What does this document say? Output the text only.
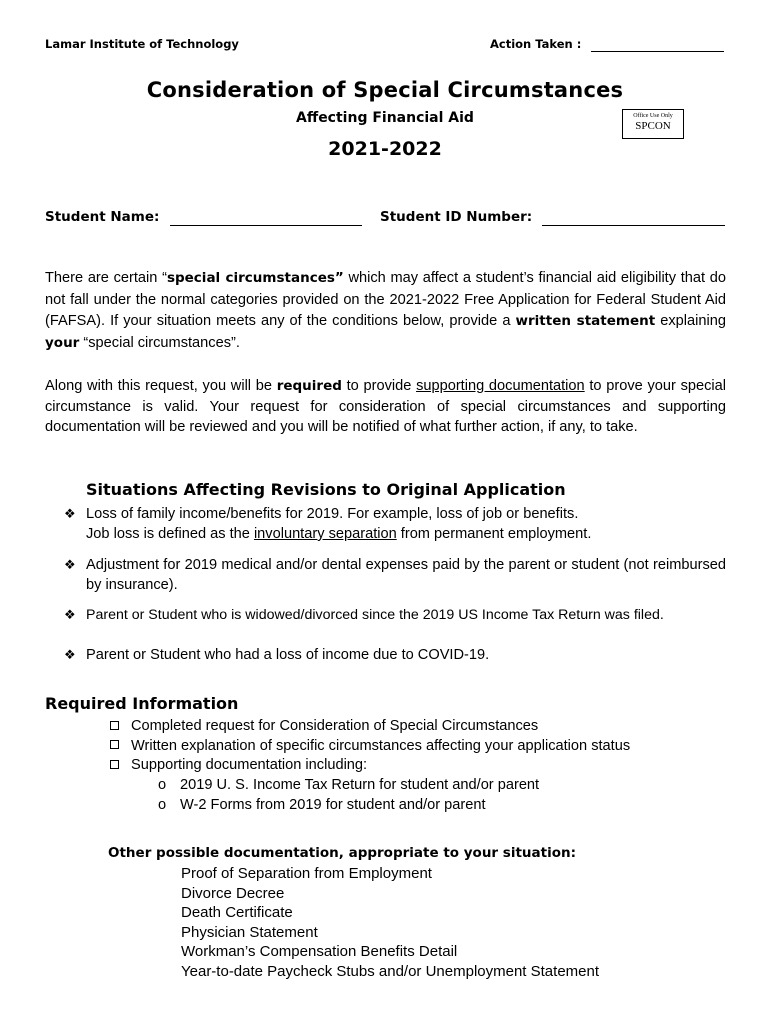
Lamar Institute of Technology	Action Taken :
Consideration of Special Circumstances
Affecting Financial Aid
2021-2022
Office Use Only
SPCON
Student Name:	Student ID Number:
There are certain “special circumstances” which may affect a student’s financial aid eligibility that do not fall under the normal categories provided on the 2021-2022 Free Application for Federal Student Aid (FAFSA). If your situation meets any of the conditions below, provide a written statement explaining your “special circumstances”.
Along with this request, you will be required to provide supporting documentation to prove your special circumstance is valid. Your request for consideration of special circumstances and supporting documentation will be reviewed and you will be notified of what further action, if any, to take.
Situations Affecting Revisions to Original Application
❖ Loss of family income/benefits for 2019. For example, loss of job or benefits.
Job loss is defined as the involuntary separation from permanent employment.
❖ Adjustment for 2019 medical and/or dental expenses paid by the parent or student (not reimbursed by insurance).
❖ Parent or Student who is widowed/divorced since the 2019 US Income Tax Return was filed.
❖ Parent or Student who had a loss of income due to COVID-19.
Required Information
Completed request for Consideration of Special Circumstances
Written explanation of specific circumstances affecting your application status
Supporting documentation including:
o 2019 U. S. Income Tax Return for student and/or parent
o W-2 Forms from 2019 for student and/or parent
Other possible documentation, appropriate to your situation:
Proof of Separation from Employment
Divorce Decree
Death Certificate
Physician Statement
Workman’s Compensation Benefits Detail
Year-to-date Paycheck Stubs and/or Unemployment Statement
